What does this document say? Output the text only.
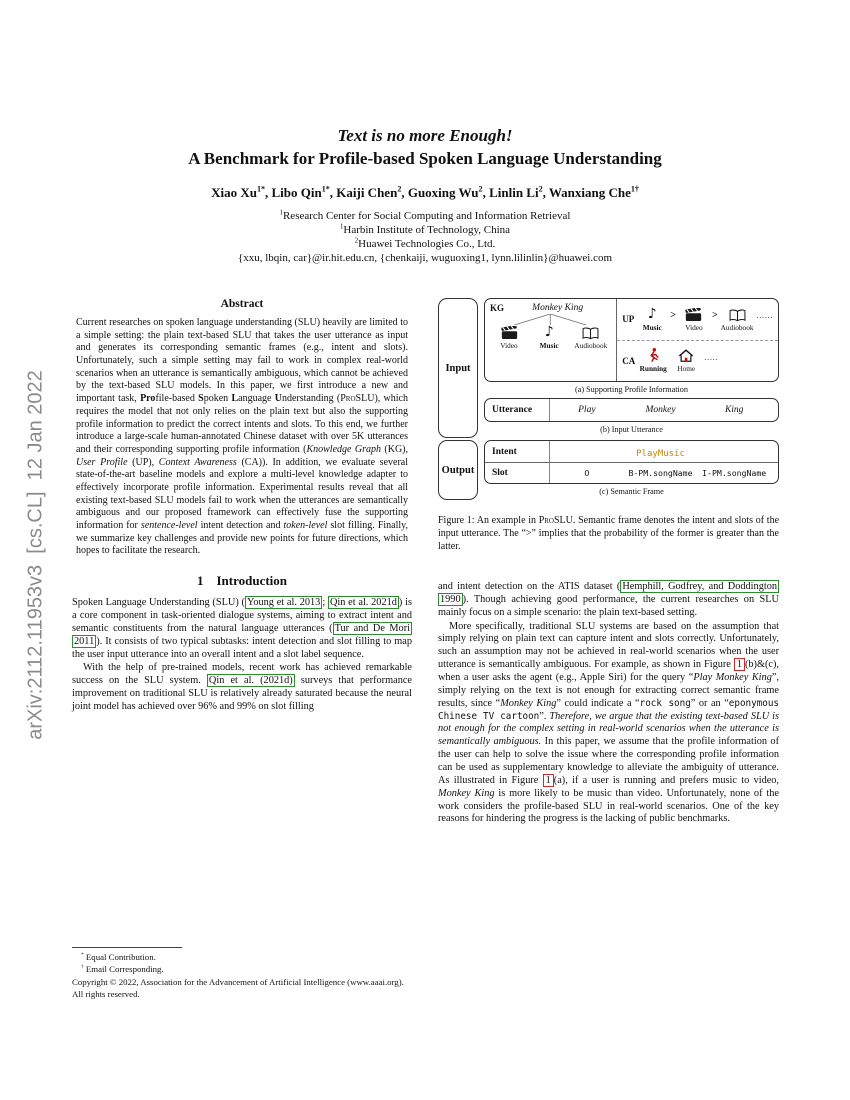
arXiv:2112.11953v3  [cs.CL]  12 Jan 2022
Text is no more Enough!
A Benchmark for Profile-based Spoken Language Understanding
Xiao $Xu^{1*}$, Libo Qin$^{1*}$, Kaiji Chen$^2$, Guoxing Wu$^2$, Linlin Li$^2$, Wanxiang Che$^{1\dagger}$
$^1$Research Center for Social Computing and Information Retrieval
$^1$Harbin Institute of Technology, China
$^2$Huawei Technologies Co., Ltd.
{xxu, lbqin, car}@ir.hit.edu.cn, {chenkaiji, wuguoxing1, lynn.lilinlin}@huawei.com
Abstract
Current researches on spoken language understanding (SLU) heavily are limited to a simple setting: the plain text-based SLU that takes the user utterance as input and generates its corresponding semantic frames (e.g., intent and slots). Unfortunately, such a simple setting may fail to work in complex real-world scenarios when an utterance is semantically ambiguous, which cannot be achieved by the text-based SLU models. In this paper, we first introduce a new and important task, Profile-based Spoken Language Understanding (ProSLU), which requires the model that not only relies on the plain text but also the supporting profile information to predict the correct intents and slots. To this end, we further introduce a large-scale human-annotated Chinese dataset with over 5K utterances and their corresponding supporting profile information (Knowledge Graph (KG), User Profile (UP), Context Awareness (CA)). In addition, we evaluate several state-of-the-art baseline models and explore a multi-level knowledge adapter to effectively incorporate profile information. Experimental results reveal that all existing text-based SLU models fail to work when the utterances are semantically ambiguous and our proposed framework can effectively fuse the supporting information for sentence-level intent detection and token-level slot filling. Finally, we summarize key challenges and provide new points for future directions, which hopes to facilitate the research.
1 Introduction
Spoken Language Understanding (SLU) ( Young et al. 2013 ; Qin et al. 2021d ) is a core component in task-oriented dialogue systems, aiming to extract intent and semantic constituents from the natural language utterances ( Tur and De Mori 2011 ). It consists of two typical subtasks: intent detection and slot filling to map the user input utterance into an overall intent and a slot label sequence.
With the help of pre-trained models, recent work has achieved remarkable success on the SLU system. Qin et al. (2021d) surveys that performance improvement on traditional SLU is relatively already saturated because the neural joint model has achieved over 96% and 99% on slot filling
* Equal Contribution.
† Email Corresponding.
Copyright © 2022, Association for the Advancement of Artificial Intelligence (www.aaai.org). All rights reserved.
Input
KG	Monkey King
Video
♪
Music Audiobook
UP ♪
Music
>
Video
>
Audiobook
......
CA
Running Home
.....
(a) Supporting Profile Information
Utterance	Play	Monkey	King
(b) Input Utterance
Output
Intent	PlayMusic
Slot	O	B-PM.songName	I-PM.songName
(c) Semantic Frame
Figure 1: An example in ProSLU. Semantic frame denotes the intent and slots of the input utterance. The “>” implies that the probability of the former is greater than the latter.
and intent detection on the ATIS dataset ( Hemphill, Godfrey, and Doddington 1990 ). Though achieving good performance, the current researches on SLU mainly focus on a simple scenario: the plain text-based setting.
More specifically, traditional SLU systems are based on the assumption that simply relying on plain text can capture intent and slots correctly. Unfortunately, such an assumption may not be achieved in real-world scenarios when the user utterance is semantically ambiguous. For example, as shown in Figure 1 (b)&(c), when a user asks the agent (e.g., Apple Siri) for the query “Play Monkey King”, simply relying on the text is not enough for extracting correct semantic frame results, since “Monkey King” could indicate a “rock song” or an “eponymous Chinese TV cartoon”. Therefore, we argue that the existing text-based SLU is not enough for the complex setting in real-world scenarios when the utterance is semantically ambiguous. In this paper, we assume that the profile information of the user can help to solve the issue where the corresponding profile information can be used as supplementary knowledge to alleviate the ambiguity of utterance. As illustrated in Figure 1 (a), if a user is running and prefers music to video, Monkey King is more likely to be music than video. Unfortunately, none of the work considers the profile-based SLU in real-world scenarios. One of the key reasons for hindering the progress is the lacking of public benchmarks.
